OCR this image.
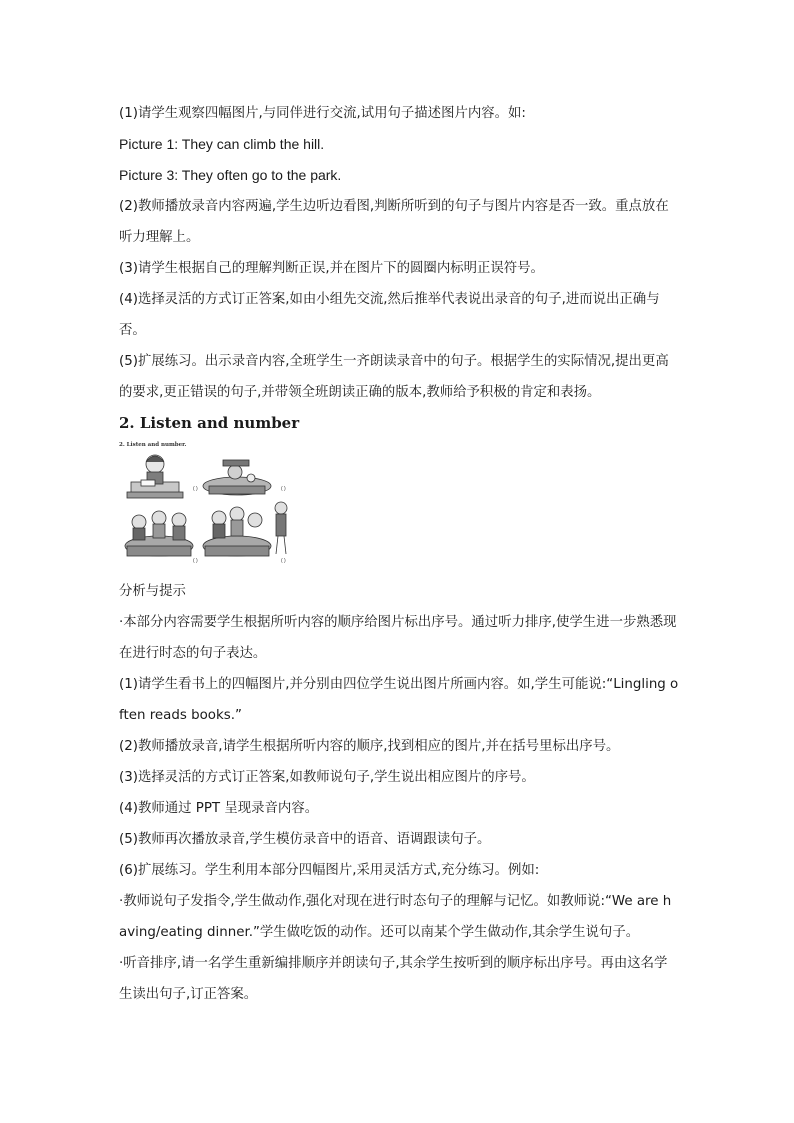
(1)请学生观察四幅图片,与同伴进行交流,试用句子描述图片内容。如:

Picture 1: They can climb the hill.

Picture 3: They often go to the park.

(2)教师播放录音内容两遍,学生边听边看图,判断所听到的句子与图片内容是否一致。重点放在听力理解上。

(3)请学生根据自己的理解判断正误,并在图片下的圆圈内标明正误符号。

(4)选择灵活的方式订正答案,如由小组先交流,然后推举代表说出录音的句子,进而说出正确与否。

(5)扩展练习。出示录音内容,全班学生一齐朗读录音中的句子。根据学生的实际情况,提出更高的要求,更正错误的句子,并带领全班朗读正确的版本,教师给予积极的肯定和表扬。

2. Listen and number
2. Listen and number.
( )	( )
( )	( )

分析与提示

·本部分内容需要学生根据所听内容的顺序给图片标出序号。通过听力排序,使学生进一步熟悉现在进行时态的句子表达。

(1)请学生看书上的四幅图片,并分别由四位学生说出图片所画内容。如,学生可能说:“Lingling often reads books.”

(2)教师播放录音,请学生根据所听内容的顺序,找到相应的图片,并在括号里标出序号。

(3)选择灵活的方式订正答案,如教师说句子,学生说出相应图片的序号。

(4)教师通过 PPT 呈现录音内容。

(5)教师再次播放录音,学生模仿录音中的语音、语调跟读句子。

(6)扩展练习。学生利用本部分四幅图片,采用灵活方式,充分练习。例如:

·教师说句子发指令,学生做动作,强化对现在进行时态句子的理解与记忆。如教师说:“We are having/eating dinner.”学生做吃饭的动作。还可以南某个学生做动作,其余学生说句子。

·听音排序,请一名学生重新编排顺序并朗读句子,其余学生按听到的顺序标出序号。再由这名学生读出句子,订正答案。
